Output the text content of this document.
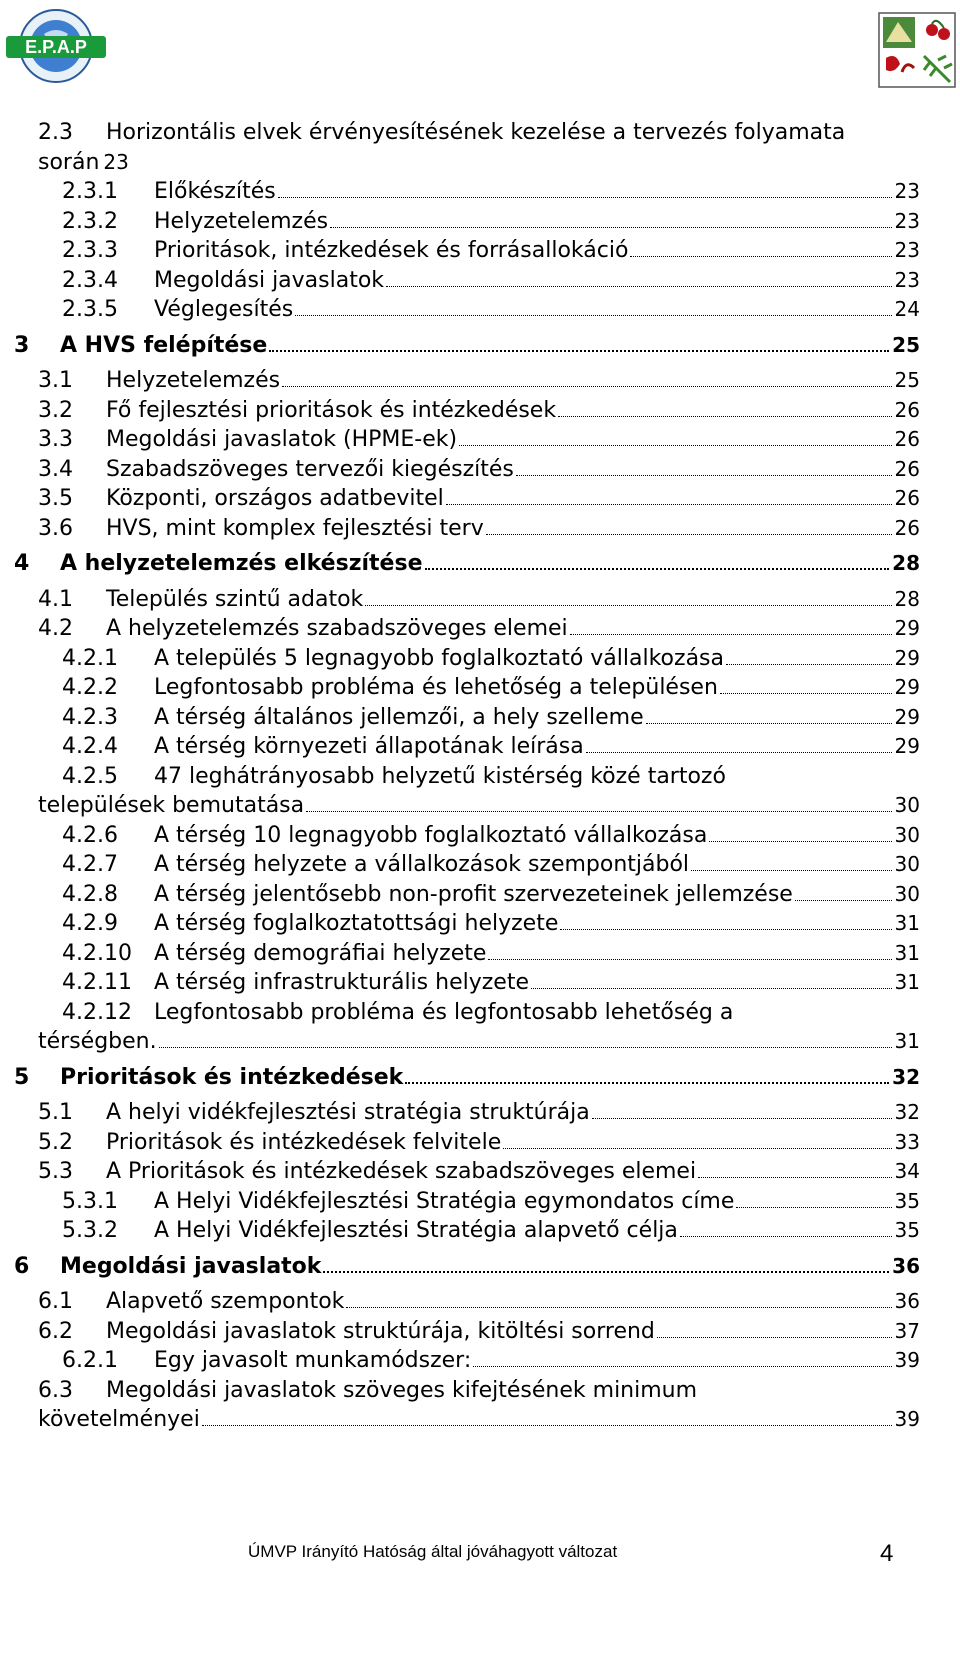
E.P.A.P
2.3	Horizontális elvek érvényesítésének kezelése a tervezés folyamata
során 23
2.3.1	Előkészítés	23
2.3.2	Helyzetelemzés	23
2.3.3	Prioritások, intézkedések és forrásallokáció	23
2.3.4	Megoldási javaslatok	23
2.3.5	Véglegesítés	24
3	A HVS felépítése	25
3.1	Helyzetelemzés	25
3.2	Fő fejlesztési prioritások és intézkedések	26
3.3	Megoldási javaslatok (HPME-ek)	26
3.4	Szabadszöveges tervezői kiegészítés	26
3.5	Központi, országos adatbevitel	26
3.6	HVS, mint komplex fejlesztési terv	26
4	A helyzetelemzés elkészítése	28
4.1	Település szintű adatok	28
4.2	A helyzetelemzés szabadszöveges elemei	29
4.2.1	A település 5 legnagyobb foglalkoztató vállalkozása	29
4.2.2	Legfontosabb probléma és lehetőség a településen	29
4.2.3	A térség általános jellemzői, a hely szelleme	29
4.2.4	A térség környezeti állapotának leírása	29
4.2.5	47 leghátrányosabb helyzetű kistérség közé tartozó
települések bemutatása	30
4.2.6	A térség 10 legnagyobb foglalkoztató vállalkozása	30
4.2.7	A térség helyzete a vállalkozások szempontjából	30
4.2.8	A térség jelentősebb non-profit szervezeteinek jellemzése	30
4.2.9	A térség foglalkoztatottsági helyzete	31
4.2.10	A térség demográfiai helyzete	31
4.2.11	A térség infrastrukturális helyzete	31
4.2.12	Legfontosabb probléma és legfontosabb lehetőség a
térségben.	31
5	Prioritások és intézkedések	32
5.1	A helyi vidékfejlesztési stratégia struktúrája	32
5.2	Prioritások és intézkedések felvitele	33
5.3	A Prioritások és intézkedések szabadszöveges elemei	34
5.3.1	A Helyi Vidékfejlesztési Stratégia egymondatos címe	35
5.3.2	A Helyi Vidékfejlesztési Stratégia alapvető célja	35
6	Megoldási javaslatok	36
6.1	Alapvető szempontok	36
6.2	Megoldási javaslatok struktúrája, kitöltési sorrend	37
6.2.1	Egy javasolt munkamódszer:	39
6.3	Megoldási javaslatok szöveges kifejtésének minimum
követelményei	39
ÚMVP Irányító Hatóság által jóváhagyott változat	4
